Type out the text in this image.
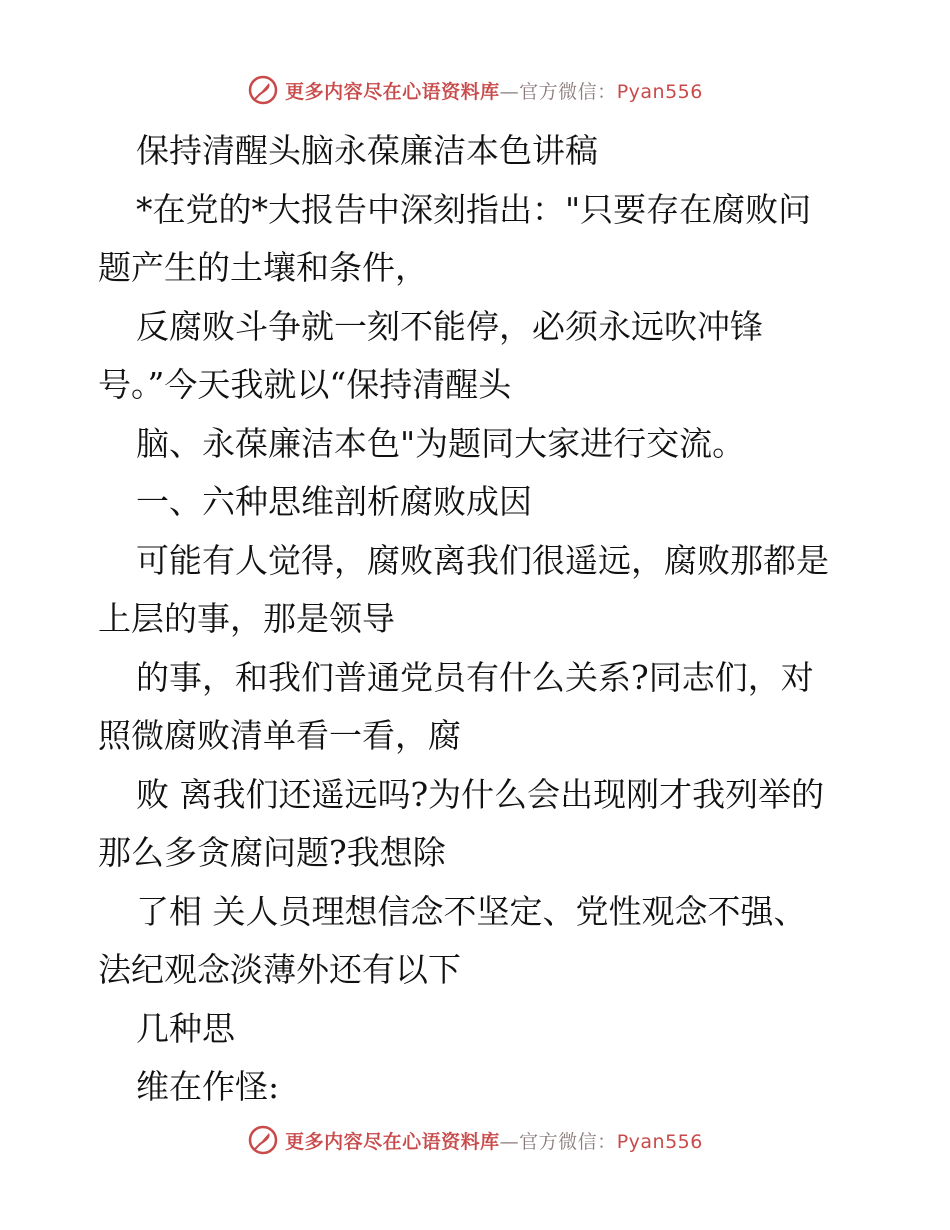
更多内容尽在心语资料库—官方微信：Pyan556
保持清醒头脑永葆廉洁本色讲稿
*在党的*大报告中深刻指出："只要存在腐败问
题产生的土壤和条件，
反腐败斗争就一刻不能停，必须永远吹冲锋
号。”今天我就以“保持清醒头
脑、永葆廉洁本色"为题同大家进行交流。
一、六种思维剖析腐败成因
可能有人觉得，腐败离我们很遥远，腐败那都是
上层的事，那是领导
的事，和我们普通党员有什么关系?同志们，对
照微腐败清单看一看，腐
败 离我们还遥远吗?为什么会出现刚才我列举的
那么多贪腐问题?我想除
了相 关人员理想信念不坚定、党性观念不强、
法纪观念淡薄外还有以下
几种思
维在作怪:
更多内容尽在心语资料库—官方微信：Pyan556
